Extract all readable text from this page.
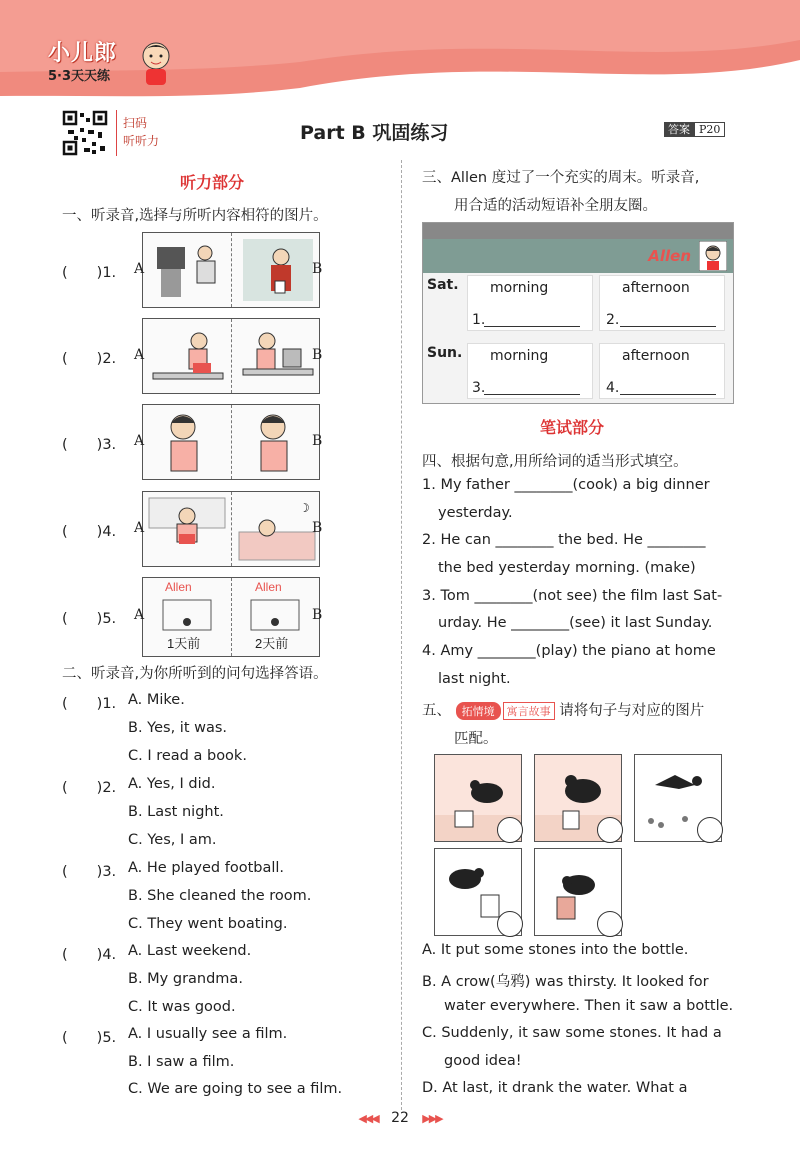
小儿郎
5·3天天练
扫码
听听力	Part B 巩固练习	答案 P20
听力部分
一、听录音,选择与所听内容相符的图片。
(　　)1.
(　　)2.
(　　)3.
(　　)4.
(　　)5.
☽
Allen	Allen
1天前	2天前
A	B
A	B
A	B
A	B
A	B
二、听录音,为你所听到的问句选择答语。
(　　)1. A. Mike.
B. Yes, it was.
C. I read a book.
(　　)2. A. Yes, I did.
B. Last night.
C. Yes, I am.
(　　)3. A. He played football.
B. She cleaned the room.
C. They went boating.
(　　)4. A. Last weekend.
B. My grandma.
C. It was good.
(　　)5. A. I usually see a film.
B. I saw a film.
C. We are going to see a film.
三、Allen 度过了一个充实的周末。听录音,
用合适的活动短语补全朋友圈。
Allen
Sat. morning
1.
afternoon
2.
Sun. morning
3.
afternoon
4.
笔试部分
四、根据句意,用所给词的适当形式填空。
1. My father ________(cook) a big dinner
yesterday.
2. He can ________ the bed. He ________
the bed yesterday morning. (make)
3. Tom ________(not see) the film last Sat-
urday. He ________(see) it last Sunday.
4. Amy ________(play) the piano at home
last night.
五、 拓情境 寓言故事 请将句子与对应的图片
匹配。
A. It put some stones into the bottle.
B. A crow(乌鸦) was thirsty. It looked for
water everywhere. Then it saw a bottle.
C. Suddenly, it saw some stones. It had a
good idea!
D. At last, it drank the water. What a
◀◀◀ 22 ▶▶▶
